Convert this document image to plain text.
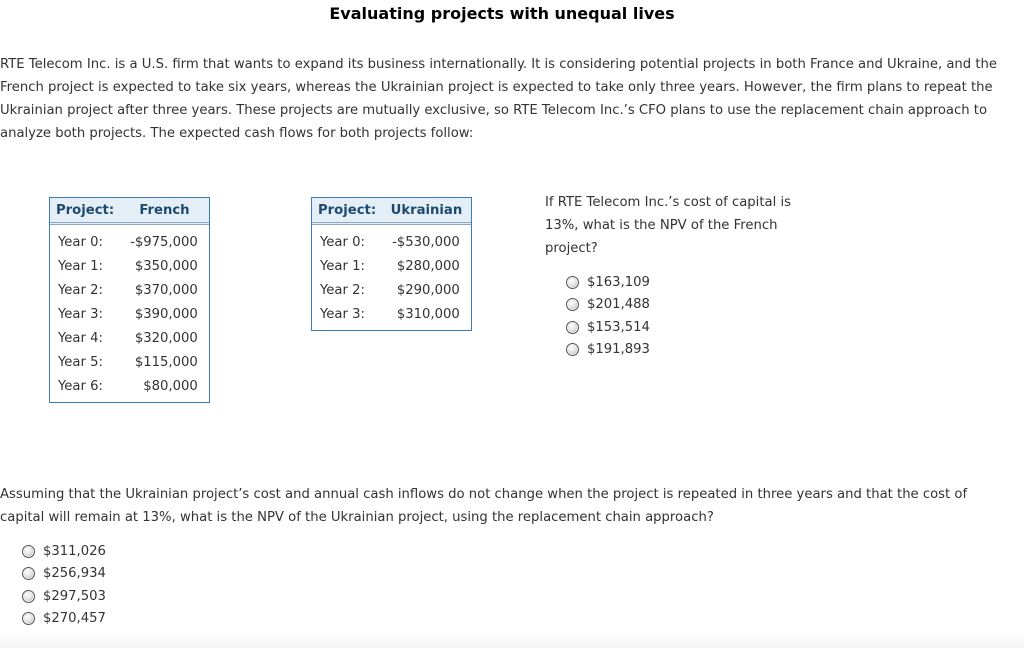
Evaluating projects with unequal lives
RTE Telecom Inc. is a U.S. firm that wants to expand its business internationally. It is considering potential projects in both France and Ukraine, and the French project is expected to take six years, whereas the Ukrainian project is expected to take only three years. However, the firm plans to repeat the Ukrainian project after three years. These projects are mutually exclusive, so RTE Telecom Inc.’s CFO plans to use the replacement chain approach to analyze both projects. The expected cash flows for both projects follow:
Project:	French
Year 0:	-$975,000
Year 1:	$350,000
Year 2:	$370,000
Year 3:	$390,000
Year 4:	$320,000
Year 5:	$115,000
Year 6:	$80,000
Project:	Ukrainian
Year 0:	-$530,000
Year 1:	$280,000
Year 2:	$290,000
Year 3:	$310,000
If RTE Telecom Inc.’s cost of capital is 13%, what is the NPV of the French project?
$163,109
$201,488
$153,514
$191,893
Assuming that the Ukrainian project’s cost and annual cash inflows do not change when the project is repeated in three years and that the cost of capital will remain at 13%, what is the NPV of the Ukrainian project, using the replacement chain approach?
$311,026
$256,934
$297,503
$270,457
